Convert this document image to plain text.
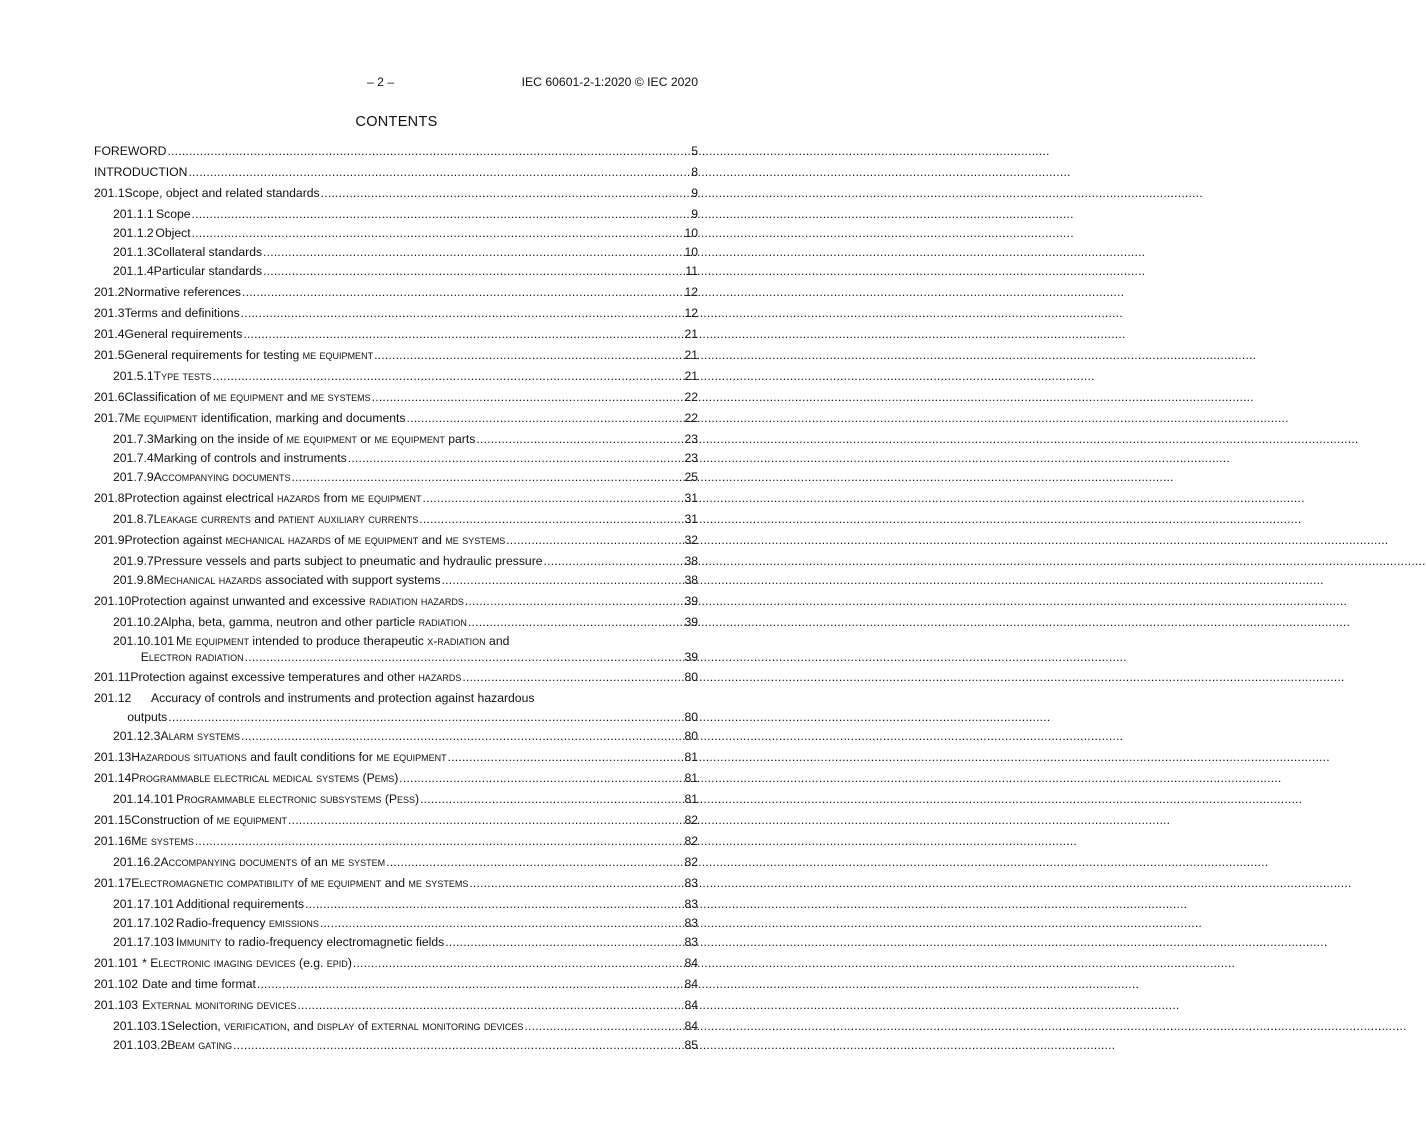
– 2 –	IEC 60601-2-1:2020 © IEC 2020
CONTENTS
FOREWORD .....	5
INTRODUCTION .....	8
201.1 Scope, object and related standards .....	9
201.1.1 Scope .....	9
201.1.2 Object .....	10
201.1.3 Collateral standards .....	10
201.1.4 Particular standards .....	11
201.2 Normative references .....	12
201.3 Terms and definitions .....	12
201.4 General requirements .....	21
201.5 General requirements for testing me equipment .....	21
201.5.1 Type tests .....	21
201.6 Classification of me equipment and me systems .....	22
201.7 Me equipment identification, marking and documents .....	22
201.7.3 Marking on the inside of me equipment or me equipment parts .....	23
201.7.4 Marking of controls and instruments .....	23
201.7.9 Accompanying documents .....	25
201.8 Protection against electrical hazards from me equipment .....	31
201.8.7 Leakage currents and patient auxiliary currents .....	31
201.9 Protection against mechanical hazards of me equipment and me systems .....	32
201.9.7 Pressure vessels and parts subject to pneumatic and hydraulic pressure .....	38
201.9.8 Mechanical hazards associated with support systems .....	38
201.10 Protection against unwanted and excessive radiation hazards .....	39
201.10.2 Alpha, beta, gamma, neutron and other particle radiation .....	39
201.10.101 Me equipment intended to produce therapeutic x-radiation and
Electron radiation .....	39
201.11 Protection against excessive temperatures and other hazards .....	80
201.12	Accuracy of controls and instruments and protection against hazardous
outputs .....	80
201.12.3 Alarm systems .....	80
201.13 Hazardous situations and fault conditions for me equipment .....	81
201.14 Programmable electrical medical systems (Pems) .....	81
201.14.101 Programmable electronic subsystems (Pess) .....	81
201.15 Construction of me equipment .....	82
201.16 Me systems .....	82
201.16.2 Accompanying documents of an me system .....	82
201.17 Electromagnetic compatibility of me equipment and me systems .....	83
201.17.101 Additional requirements .....	83
201.17.102 Radio-frequency emissions .....	83
201.17.103 Immunity to radio-frequency electromagnetic fields .....	83
201.101 * Electronic imaging devices (e.g. epid) .....	84
201.102 Date and time format .....	84
201.103 External monitoring devices .....	84
201.103.1 Selection, verification, and display of external monitoring devices .....	84
201.103.2 Beam gating .....	85
